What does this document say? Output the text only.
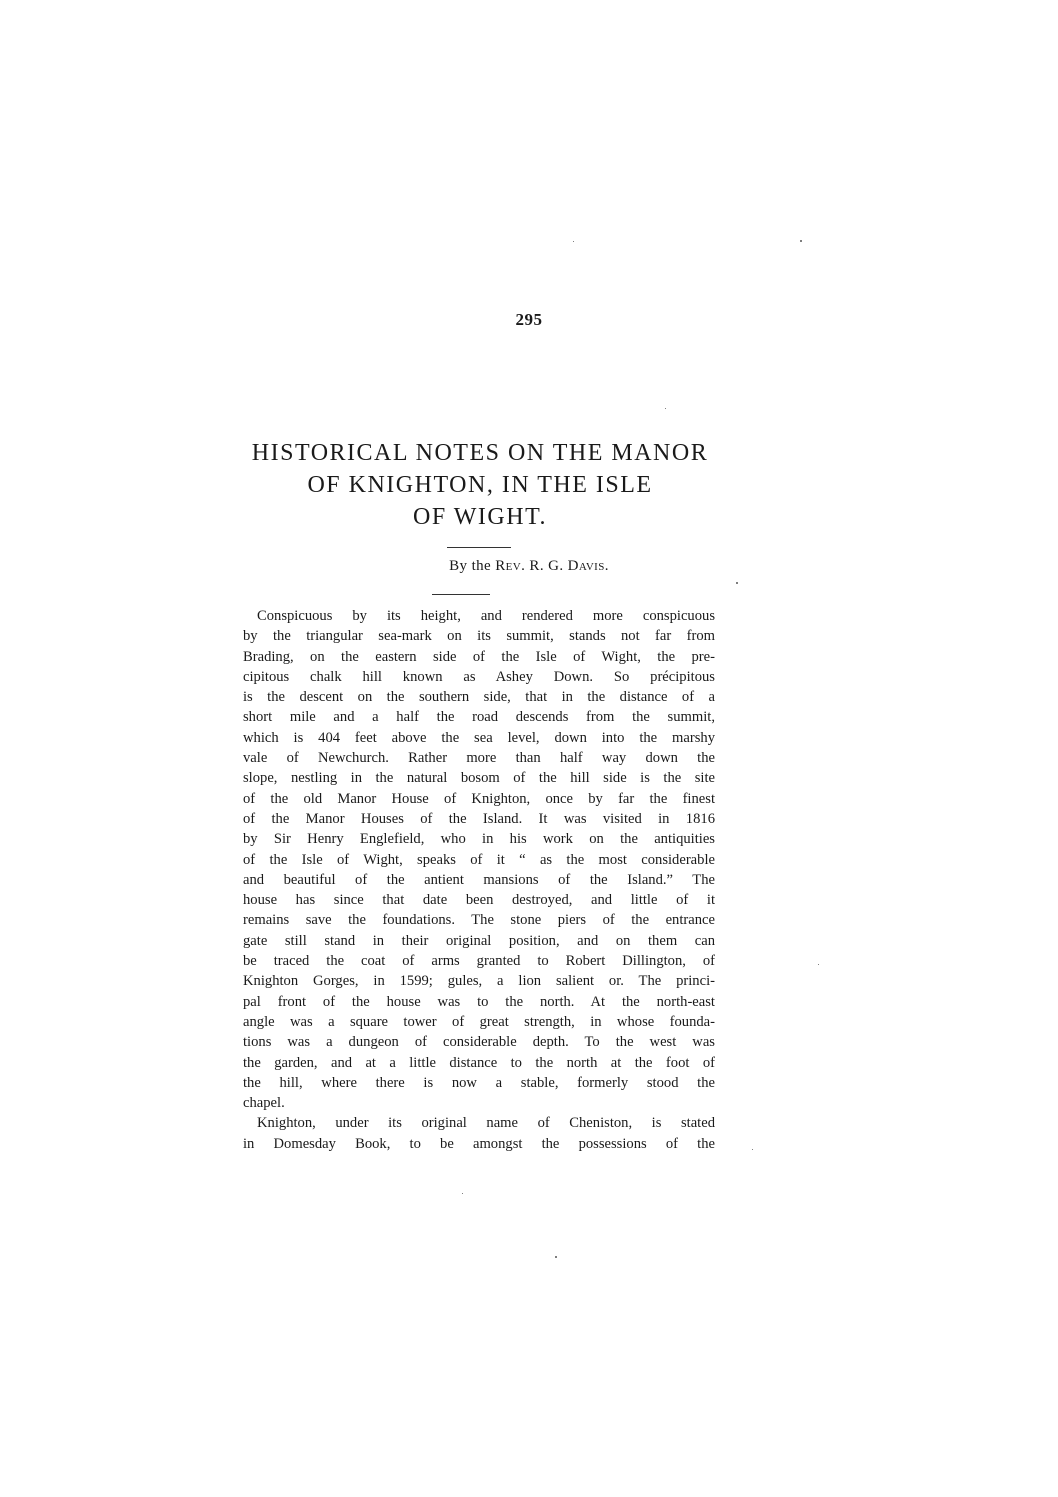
295
HISTORICAL NOTES ON THE MANOR
OF KNIGHTON, IN THE ISLE
OF WIGHT.
By the Rev. R. G. Davis.
Conspicuous by its height, and rendered more conspicuous
by the triangular sea-mark on its summit, stands not far from
Brading, on the eastern side of the Isle of Wight, the pre-
cipitous chalk hill known as Ashey Down. So précipitous
is the descent on the southern side, that in the distance of a
short mile and a half the road descends from the summit,
which is 404 feet above the sea level, down into the marshy
vale of Newchurch. Rather more than half way down the
slope, nestling in the natural bosom of the hill side is the site
of the old Manor House of Knighton, once by far the finest
of the Manor Houses of the Island. It was visited in 1816
by Sir Henry Englefield, who in his work on the antiquities
of the Isle of Wight, speaks of it “ as the most considerable
and beautiful of the antient mansions of the Island.” The
house has since that date been destroyed, and little of it
remains save the foundations. The stone piers of the entrance
gate still stand in their original position, and on them can
be traced the coat of arms granted to Robert Dillington, of
Knighton Gorges, in 1599; gules, a lion salient or. The princi-
pal front of the house was to the north. At the north-east
angle was a square tower of great strength, in whose founda-
tions was a dungeon of considerable depth. To the west was
the garden, and at a little distance to the north at the foot of
the hill, where there is now a stable, formerly stood the
chapel.
Knighton, under its original name of Cheniston, is stated
in Domesday Book, to be amongst the possessions of the
